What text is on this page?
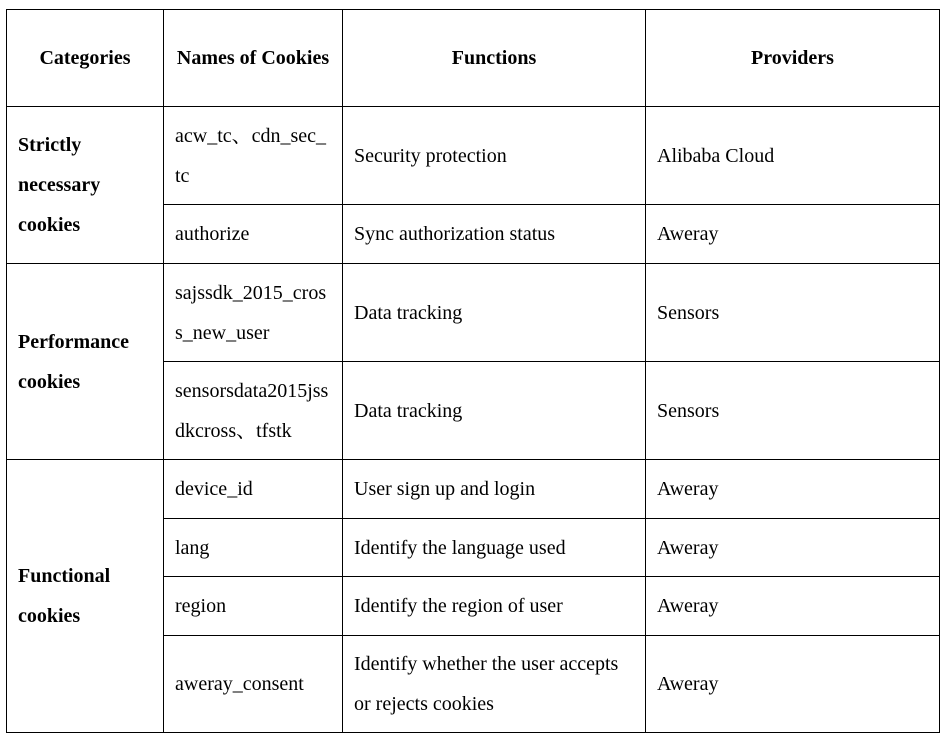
Categories	Names of Cookies	Functions	Providers

Strictly necessary cookies	acw_tc、cdn_sec_tc	Security protection	Alibaba Cloud
	authorize	Sync authorization status	Aweray

Performance cookies	sajssdk_2015_cross_new_user	Data tracking	Sensors
	sensorsdata2015jssdkcross、tfstk	Data tracking	Sensors

Functional cookies	device_id	User sign up and login	Aweray
	lang	Identify the language used	Aweray
	region	Identify the region of user	Aweray
	aweray_consent	Identify whether the user accepts or rejects cookies	Aweray
